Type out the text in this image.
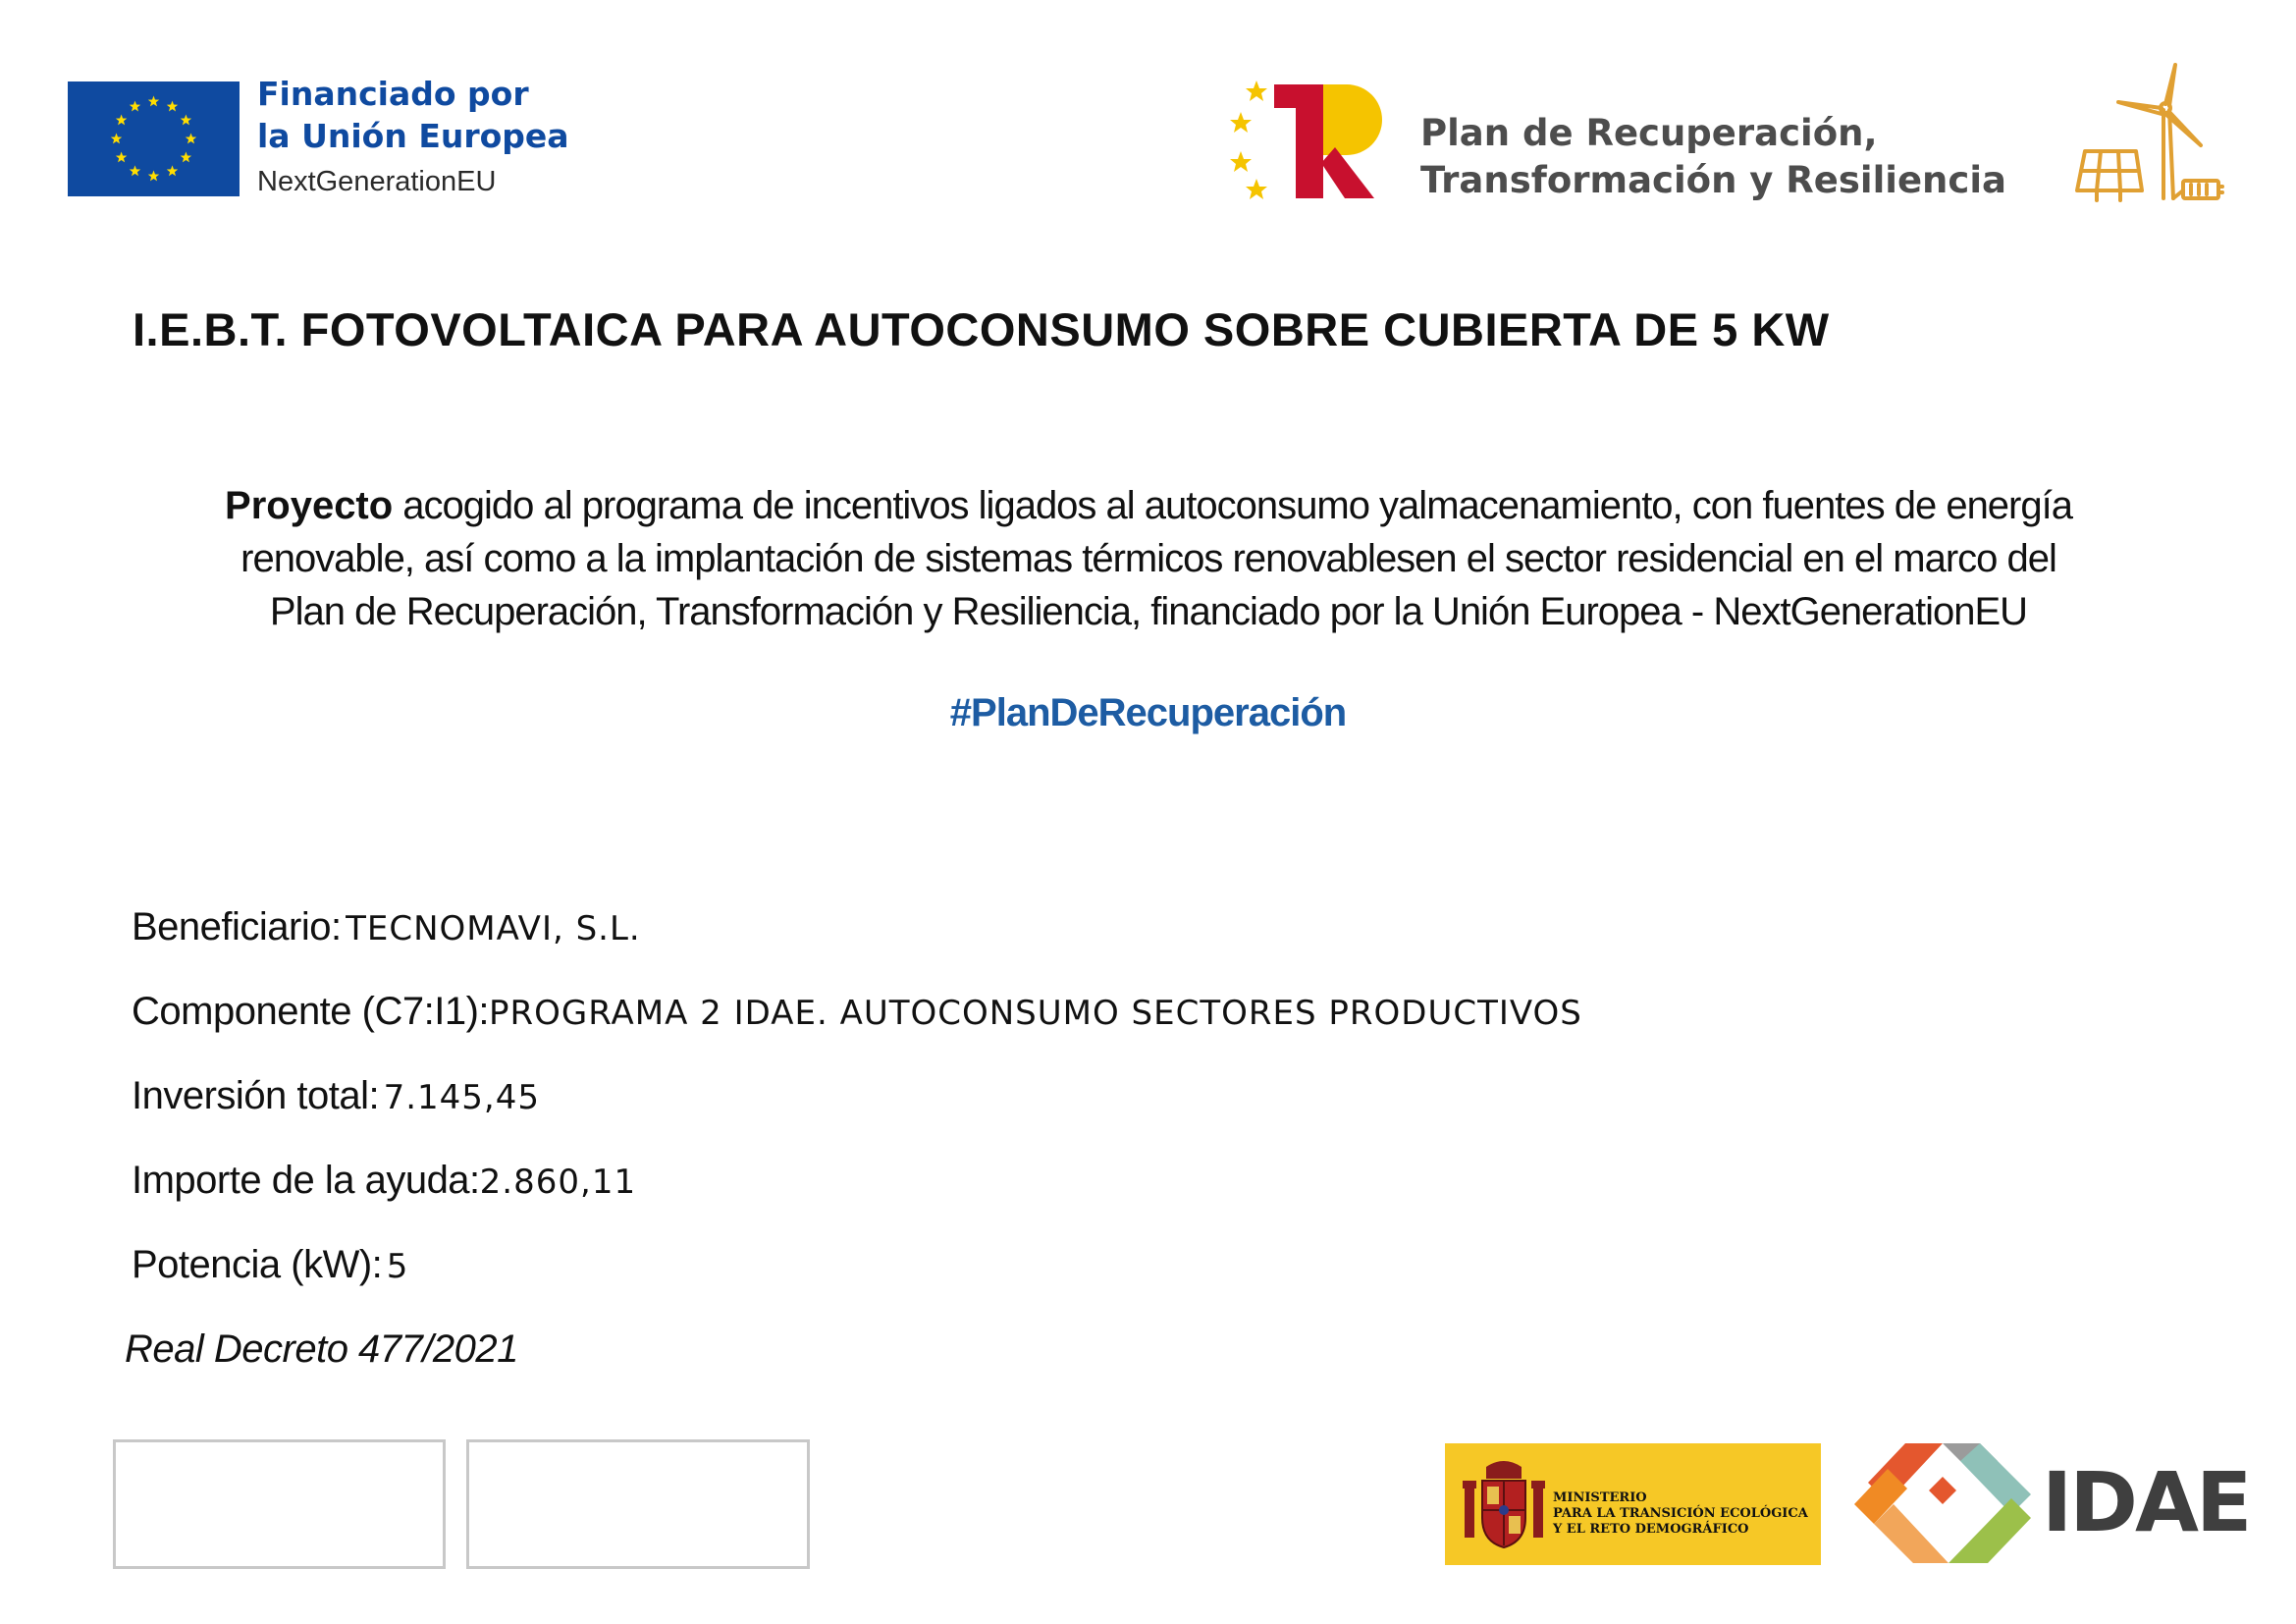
Financiado por
la Unión Europea
NextGenerationEU
Plan de Recuperación,
Transformación y Resiliencia
I.E.B.T. FOTOVOLTAICA PARA AUTOCONSUMO SOBRE CUBIERTA DE 5 KW
Proyecto acogido al programa de incentivos ligados al autoconsumo yalmacenamiento, con fuentes de energía
renovable, así como a la implantación de sistemas térmicos renovablesen el sector residencial en el marco del
Plan de Recuperación, Transformación y Resiliencia, financiado por la Unión Europea - NextGenerationEU
#PlanDeRecuperación
Beneficiario: TECNOMAVI, S.L.
Componente (C7:I1):PROGRAMA 2 IDAE. AUTOCONSUMO SECTORES PRODUCTIVOS
Inversión total: 7.145,45
Importe de la ayuda:2.860,11
Potencia (kW): 5
Real Decreto 477/2021
MINISTERIO
PARA LA TRANSICIÓN ECOLÓGICA
Y EL RETO DEMOGRÁFICO	IDAE
